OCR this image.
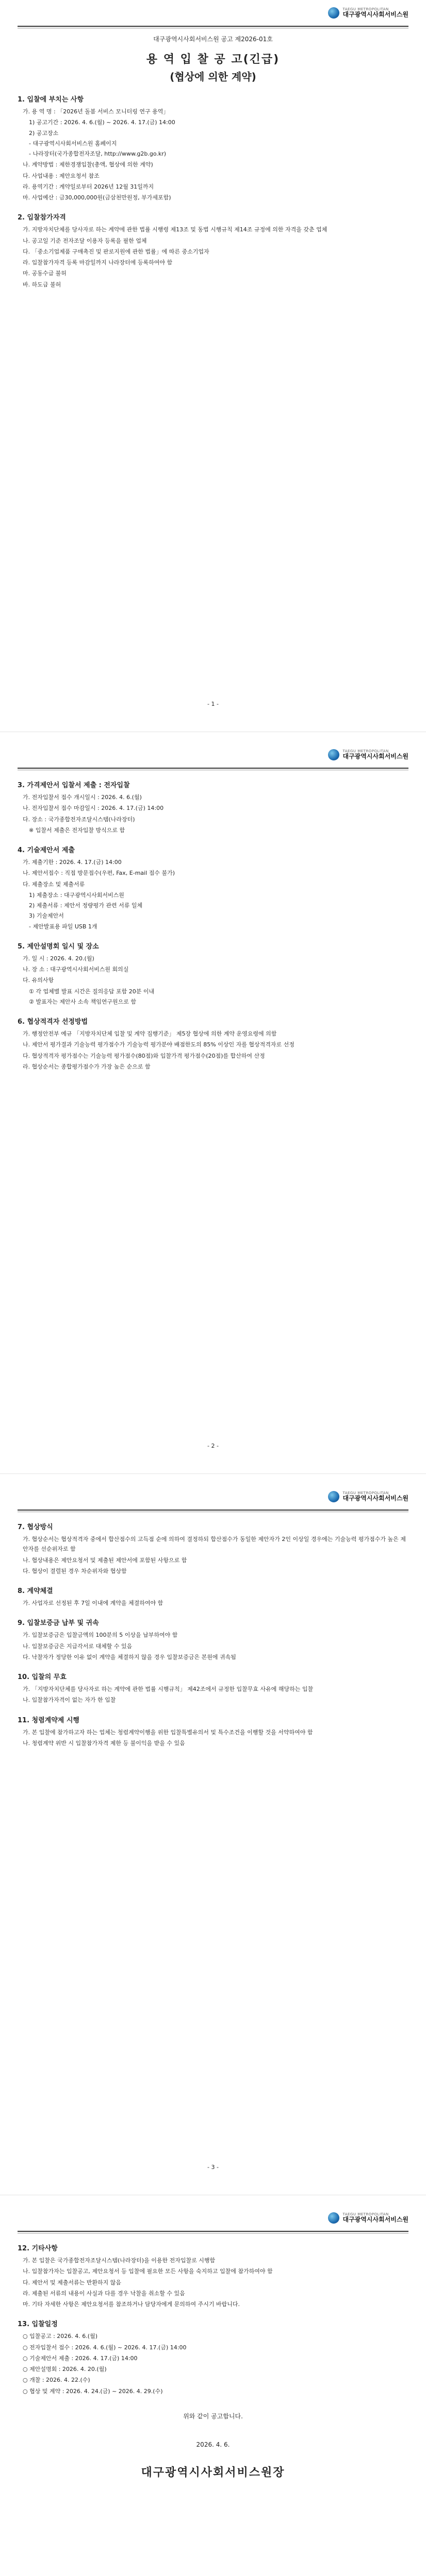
TAEGU METROPOLITAN
대구광역시사회서비스원
대구광역시사회서비스원 공고 제2026-01호
용 역 입 찰 공 고(긴급)
(협상에 의한 계약)
1. 입찰에 부치는 사항
가. 용 역 명 : 「2026년 돌봄 서비스 모니터링 연구 용역」
1) 공고기간 : 2026. 4. 6.(월) ~ 2026. 4. 17.(금) 14:00
2) 공고장소
- 대구광역시사회서비스원 홈페이지
- 나라장터(국가종합전자조달, http://www.g2b.go.kr)
나. 계약방법 : 제한경쟁입찰(총액, 협상에 의한 계약)
다. 사업내용 : 제안요청서 참조
라. 용역기간 : 계약일로부터 2026년 12월 31일까지
마. 사업예산 : 금30,000,000원(금삼천만원정, 부가세포함)
2. 입찰참가자격
가. 지방자치단체를 당사자로 하는 계약에 관한 법률 시행령 제13조 및 동법 시행규칙 제14조 규정에 의한 자격을 갖춘 업체
나. 공고일 기준 전자조달 이용자 등록을 필한 업체
다. 「중소기업제품 구매촉진 및 판로지원에 관한 법률」에 따른 중소기업자
라. 입찰참가자격 등록 마감일까지 나라장터에 등록하여야 함
마. 공동수급 불허
바. 하도급 불허
- 1 -
TAEGU METROPOLITAN
대구광역시사회서비스원
3. 가격제안서 입찰서 제출 : 전자입찰
가. 전자입찰서 접수 개시일시 : 2026. 4. 6.(월)
나. 전자입찰서 접수 마감일시 : 2026. 4. 17.(금) 14:00
다. 장소 : 국가종합전자조달시스템(나라장터)
※ 입찰서 제출은 전자입찰 방식으로 함
4. 기술제안서 제출
가. 제출기한 : 2026. 4. 17.(금) 14:00
나. 제안서접수 : 직접 방문접수(우편, Fax, E-mail 접수 불가)
다. 제출장소 및 제출서류
1) 제출장소 : 대구광역시사회서비스원
2) 제출서류 : 제안서 정량평가 관련 서류 일체
3) 기술제안서
- 제안발표용 파일 USB 1개
5. 제안설명회 일시 및 장소
가. 일 시 : 2026. 4. 20.(월)
나. 장 소 : 대구광역시사회서비스원 회의실
다. 유의사항
① 각 업체별 발표 시간은 질의응답 포함 20분 이내
② 발표자는 제안사 소속 책임연구원으로 함
6. 협상적격자 선정방법
가. 행정안전부 예규 「지방자치단체 입찰 및 계약 집행기준」 제5장 협상에 의한 계약 운영요령에 의함
나. 제안서 평가결과 기술능력 평가점수가 기술능력 평가분야 배점한도의 85% 이상인 자를 협상적격자로 선정
다. 협상적격자 평가점수는 기술능력 평가점수(80점)와 입찰가격 평가점수(20점)를 합산하여 산정
라. 협상순서는 종합평가점수가 가장 높은 순으로 함
- 2 -
TAEGU METROPOLITAN
대구광역시사회서비스원
7. 협상방식
가. 협상순서는 협상적격자 중에서 합산점수의 고득점 순에 의하여 결정하되 합산점수가 동일한 제안자가 2인 이상일 경우에는 기술능력 평가점수가 높은 제안자를 선순위자로 함
나. 협상내용은 제안요청서 및 제출된 제안서에 포함된 사항으로 함
다. 협상이 결렬된 경우 차순위자와 협상함
8. 계약체결
가. 사업자로 선정된 후 7일 이내에 계약을 체결하여야 함
9. 입찰보증금 납부 및 귀속
가. 입찰보증금은 입찰금액의 100분의 5 이상을 납부하여야 함
나. 입찰보증금은 지급각서로 대체할 수 있음
다. 낙찰자가 정당한 이유 없이 계약을 체결하지 않을 경우 입찰보증금은 본원에 귀속됨
10. 입찰의 무효
가. 「지방자치단체를 당사자로 하는 계약에 관한 법률 시행규칙」 제42조에서 규정한 입찰무효 사유에 해당하는 입찰
나. 입찰참가자격이 없는 자가 한 입찰
11. 청렴계약제 시행
가. 본 입찰에 참가하고자 하는 업체는 청렴계약이행을 위한 입찰특별유의서 및 특수조건을 이행할 것을 서약하여야 함
나. 청렴계약 위반 시 입찰참가자격 제한 등 불이익을 받을 수 있음
- 3 -
TAEGU METROPOLITAN
대구광역시사회서비스원
12. 기타사항
가. 본 입찰은 국가종합전자조달시스템(나라장터)을 이용한 전자입찰로 시행함
나. 입찰참가자는 입찰공고, 제안요청서 등 입찰에 필요한 모든 사항을 숙지하고 입찰에 참가하여야 함
다. 제안서 및 제출서류는 반환하지 않음
라. 제출된 서류의 내용이 사실과 다를 경우 낙찰을 취소할 수 있음
마. 기타 자세한 사항은 제안요청서를 참조하거나 담당자에게 문의하여 주시기 바랍니다.
13. 입찰일정
○ 입찰공고 : 2026. 4. 6.(월)
○ 전자입찰서 접수 : 2026. 4. 6.(월) ~ 2026. 4. 17.(금) 14:00
○ 기술제안서 제출 : 2026. 4. 17.(금) 14:00
○ 제안설명회 : 2026. 4. 20.(월)
○ 개찰 : 2026. 4. 22.(수)
○ 협상 및 계약 : 2026. 4. 24.(금) ~ 2026. 4. 29.(수)
위와 같이 공고합니다.
2026. 4. 6.
대구광역시사회서비스원장
